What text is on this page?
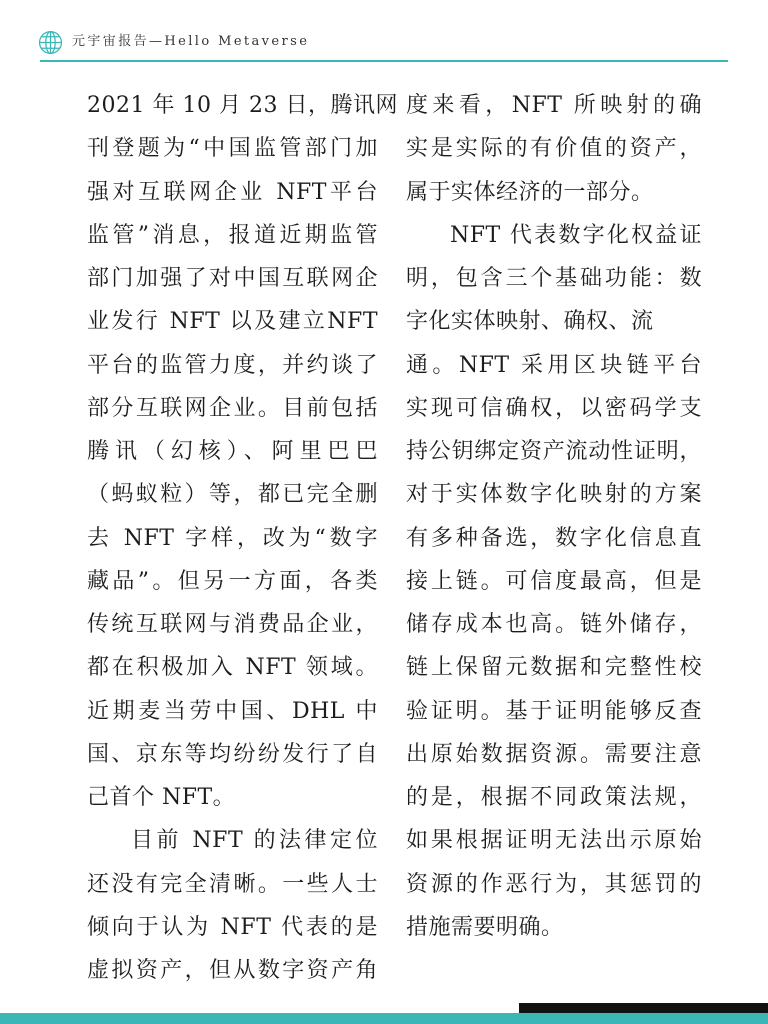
元宇宙报告—Hello Metaverse
2021 年 10 月 23 日，腾讯网
刊登题为“中国监管部门加
强对互联网企业 NFT平台
监管”消息，报道近期监管
部门加强了对中国互联网企
业发行 NFT 以及建立NFT
平台的监管力度，并约谈了
部分互联网企业。目前包括
腾讯（幻核）、阿里巴巴
（蚂蚁粒）等，都已完全删
去 NFT 字样，改为“数字
藏品”。但另一方面，各类
传统互联网与消费品企业，
都在积极加入 NFT 领域。
近期麦当劳中国、DHL 中
国、京东等均纷纷发行了自
己首个 NFT。
目前 NFT 的法律定位
还没有完全清晰。一些人士
倾向于认为 NFT 代表的是
虚拟资产，但从数字资产角
度来看，NFT 所映射的确
实是实际的有价值的资产，
属于实体经济的一部分。
NFT 代表数字化权益证
明，包含三个基础功能：数
字化实体映射、确权、流
通。NFT 采用区块链平台
实现可信确权，以密码学支
持公钥绑定资产流动性证明，
对于实体数字化映射的方案
有多种备选，数字化信息直
接上链。可信度最高，但是
储存成本也高。链外储存，
链上保留元数据和完整性校
验证明。基于证明能够反查
出原始数据资源。需要注意
的是，根据不同政策法规，
如果根据证明无法出示原始
资源的作恶行为，其惩罚的
措施需要明确。
